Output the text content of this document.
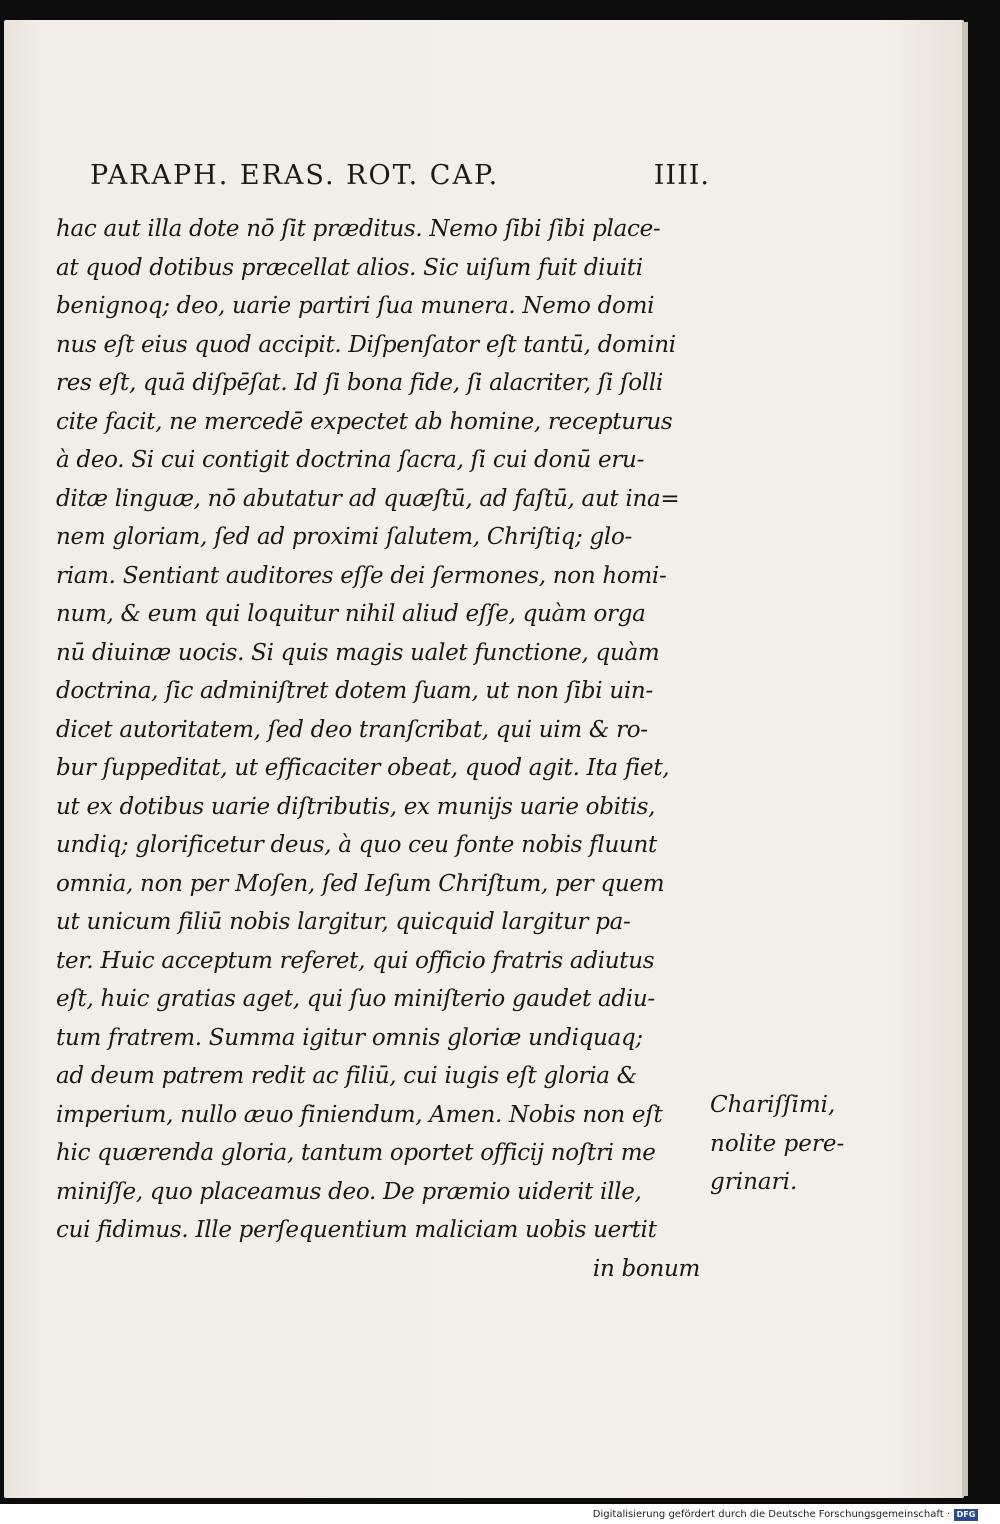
PARAPH. ERAS. ROT. CAP.

	IIII.

hac aut illa dote nō ſit prӕditus. Nemo ſibi ſibi place-
at quod dotibus prӕcellat alios. Sic uiſum fuit diuiti
benignoq; deo, uarie partiri ſua munera. Nemo domi
nus eſt eius quod accipit. Diſpenſator eſt tantū, domini
res eſt, quā diſpēſat. Id ſi bona fide, ſi alacriter, ſi ſolli
cite facit, ne mercedē expectet ab homine, recepturus
à deo. Si cui contigit doctrina ſacra, ſi cui donū eru-
ditӕ linguӕ, nō abutatur ad quӕſtū, ad faſtū, aut ina=
nem gloriam, ſed ad proximi ſalutem, Chriſtiq; glo-
riam. Sentiant auditores eſſe dei ſermones, non homi-
num, & eum qui loquitur nihil aliud eſſe, quàm orga
nū diuinӕ uocis. Si quis magis ualet functione, quàm
doctrina, ſic adminiſtret dotem ſuam, ut non ſibi uin-
dicet autoritatem, ſed deo tranſcribat, qui uim & ro-
bur ſuppeditat, ut efficaciter obeat, quod agit. Ita fiet,
ut ex dotibus uarie diſtributis, ex munijs uarie obitis,
undiq; glorificetur deus, à quo ceu fonte nobis fluunt
omnia, non per Moſen, ſed Ieſum Chriſtum, per quem
ut unicum filiū nobis largitur, quicquid largitur pa-
ter. Huic acceptum referet, qui officio fratris adiutus
eſt, huic gratias aget, qui ſuo miniſterio gaudet adiu-
tum fratrem. Summa igitur omnis gloriӕ undiquaq;
ad deum patrem redit ac filiū, cui iugis eſt gloria &
imperium, nullo ӕuo finiendum, Amen. Nobis non eſt
hic quӕrenda gloria, tantum oportet officij noſtri me
miniſſe, quo placeamus deo. De prӕmio uiderit ille,
cui fidimus. Ille perſequentium maliciam uobis uertit
in bonum
Chariſſimi,
nolite pere-
grinari.
Digitalisierung gefördert durch die Deutsche Forschungsgemeinschaft · DFG
